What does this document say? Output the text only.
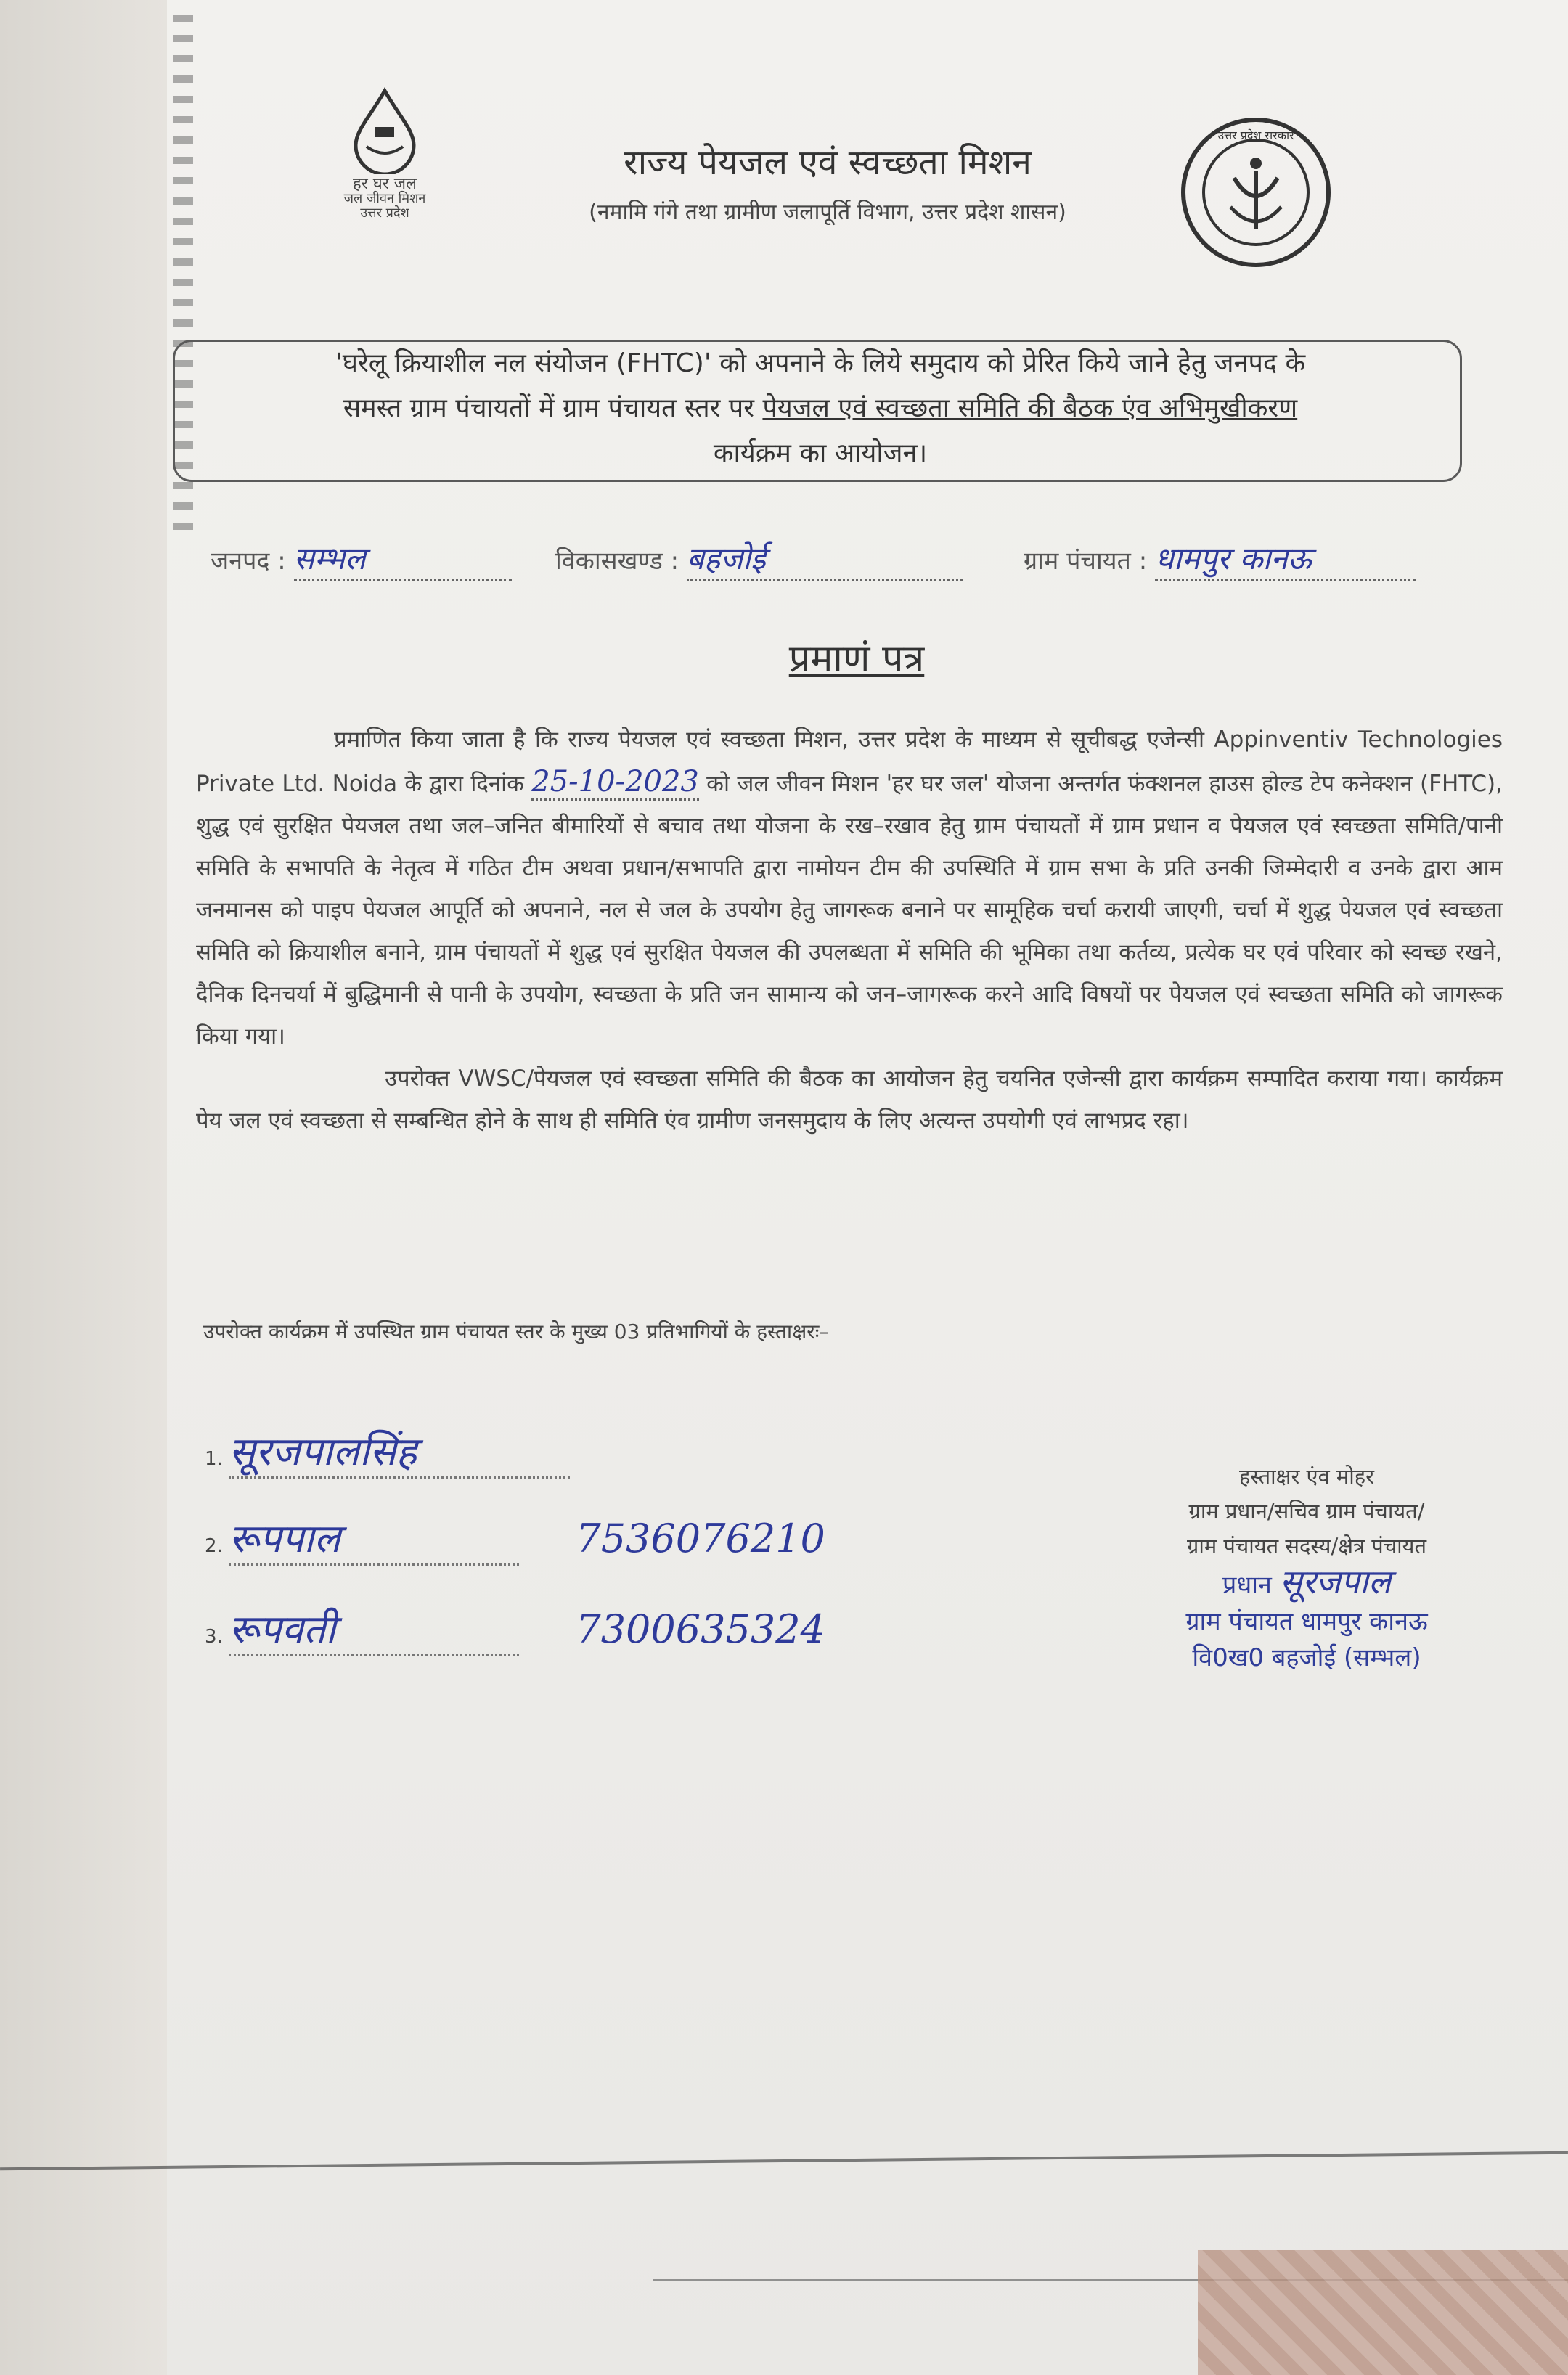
हर घर जल
जल जीवन मिशन
उत्तर प्रदेश
राज्य पेयजल एवं स्वच्छता मिशन
(नमामि गंगे तथा ग्रामीण जलापूर्ति विभाग, उत्तर प्रदेश शासन)
उत्तर प्रदेश सरकार
'घरेलू क्रियाशील नल संयोजन (FHTC)' को अपनाने के लिये समुदाय को प्रेरित किये जाने हेतु जनपद के
समस्त ग्राम पंचायतों में ग्राम पंचायत स्तर पर पेयजल एवं स्वच्छता समिति की बैठक एंव अभिमुखीकरण
कार्यक्रम का आयोजन।
जनपद : सम्भल	विकासखण्ड : बहजोई	ग्राम पंचायत : धामपुर कानऊ
प्रमाणं पत्र
प्रमाणित किया जाता है कि राज्य पेयजल एवं स्वच्छता मिशन, उत्तर प्रदेश के माध्यम से सूचीबद्ध एजेन्सी Appinventiv Technologies Private Ltd. Noida के द्वारा दिनांक 25-10-2023 को जल जीवन मिशन 'हर घर जल' योजना अन्तर्गत फंक्शनल हाउस होल्ड टेप कनेक्शन (FHTC), शुद्ध एवं सुरक्षित पेयजल तथा जल–जनित बीमारियों से बचाव तथा योजना के रख–रखाव हेतु ग्राम पंचायतों में ग्राम प्रधान व पेयजल एवं स्वच्छता समिति/पानी समिति के सभापति के नेतृत्व में गठित टीम अथवा प्रधान/सभापति द्वारा नामोयन टीम की उपस्थिति में ग्राम सभा के प्रति उनकी जिम्मेदारी व उनके द्वारा आम जनमानस को पाइप पेयजल आपूर्ति को अपनाने, नल से जल के उपयोग हेतु जागरूक बनाने पर सामूहिक चर्चा करायी जाएगी, चर्चा में शुद्ध पेयजल एवं स्वच्छता समिति को क्रियाशील बनाने, ग्राम पंचायतों में शुद्ध एवं सुरक्षित पेयजल की उपलब्धता में समिति की भूमिका तथा कर्तव्य, प्रत्येक घर एवं परिवार को स्वच्छ रखने, दैनिक दिनचर्या में बुद्धिमानी से पानी के उपयोग, स्वच्छता के प्रति जन सामान्य को जन–जागरूक करने आदि विषयों पर पेयजल एवं स्वच्छता समिति को जागरूक किया गया।
उपरोक्त VWSC/पेयजल एवं स्वच्छता समिति की बैठक का आयोजन हेतु चयनित एजेन्सी द्वारा कार्यक्रम सम्पादित कराया गया। कार्यक्रम पेय जल एवं स्वच्छता से सम्बन्धित होने के साथ ही समिति एंव ग्रामीण जनसमुदाय के लिए अत्यन्त उपयोगी एवं लाभप्रद रहा।
उपरोक्त कार्यक्रम में उपस्थित ग्राम पंचायत स्तर के मुख्य 03 प्रतिभागियों के हस्ताक्षरः–
1. सूरजपालसिंह
2. रूपपाल	7536076210
3. रूपवती	7300635324
हस्ताक्षर एंव मोहर
ग्राम प्रधान/सचिव ग्राम पंचायत/
ग्राम पंचायत सदस्य/क्षेत्र पंचायत
प्रधान सूरजपाल
ग्राम पंचायत धामपुर कानऊ
वि0ख0 बहजोई (सम्भल)
